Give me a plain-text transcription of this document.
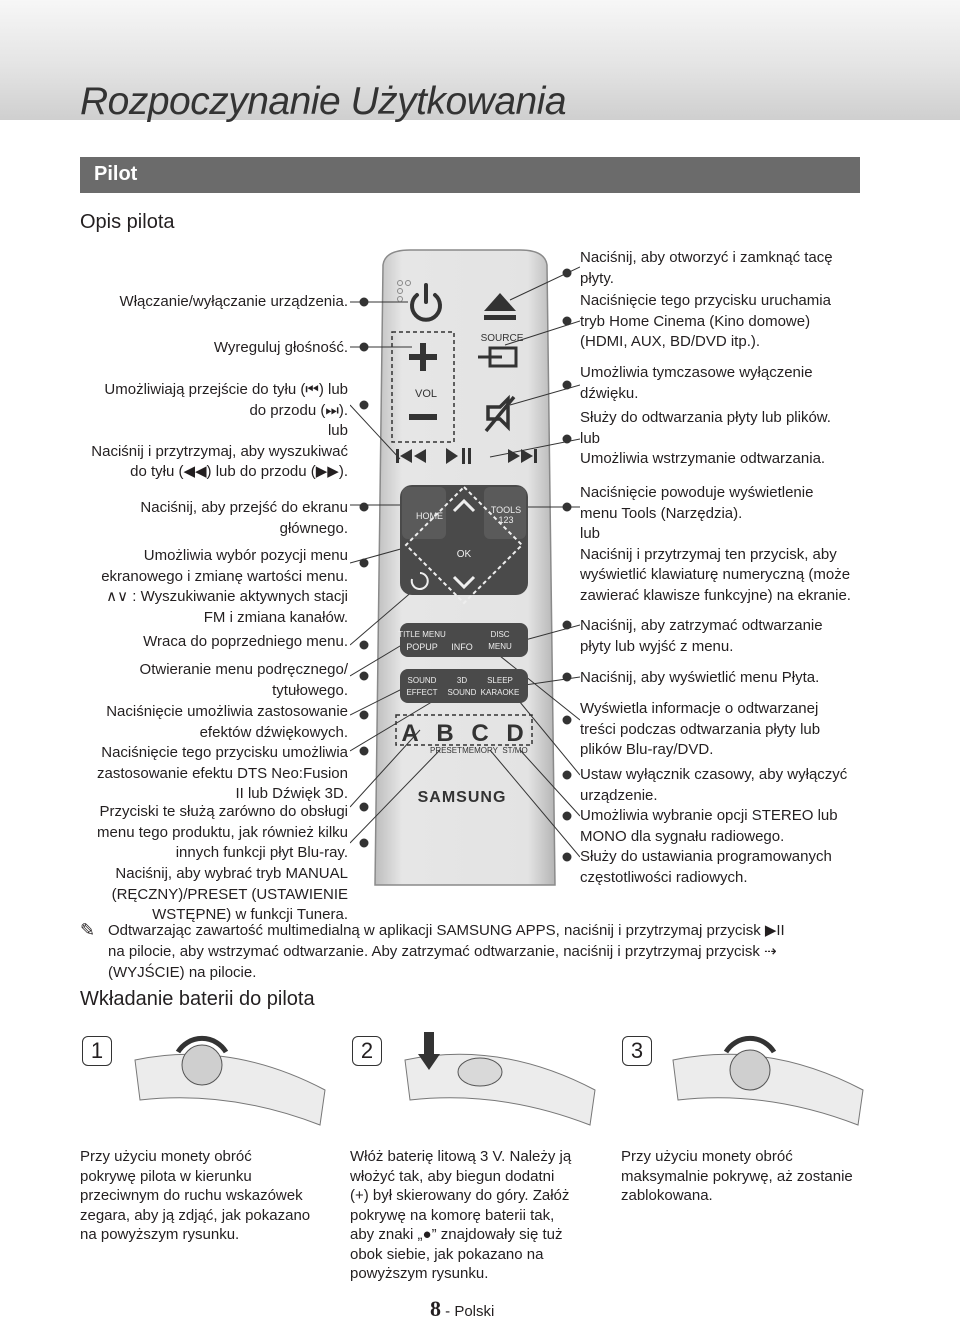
Rozpoczynanie Użytkowania
Pilot
Opis pilota
Włączanie/wyłączanie urządzenia.
Wyreguluj głośność.
Umożliwiają przejście do tyłu (⏮) lub
do przodu (⏭).
lub
Naciśnij i przytrzymaj, aby wyszukiwać
do tyłu (◀◀) lub do przodu (▶▶).
Naciśnij, aby przejść do ekranu
głównego.
Umożliwia wybór pozycji menu
ekranowego i zmianę wartości menu.
∧∨ : Wyszukiwanie aktywnych stacji
FM i zmiana kanałów.
Wraca do poprzedniego menu.
Otwieranie menu podręcznego/
tytułowego.
Naciśnięcie umożliwia zastosowanie
efektów dźwiękowych.
Naciśnięcie tego przycisku umożliwia
zastosowanie efektu DTS Neo:Fusion
II lub Dźwięk 3D.
Przyciski te służą zarówno do obsługi
menu tego produktu, jak również kilku
innych funkcji płyt Blu-ray.
Naciśnij, aby wybrać tryb MANUAL
(RĘCZNY)/PRESET (USTAWIENIE
WSTĘPNE) w funkcji Tunera.
Naciśnij, aby otworzyć i zamknąć tacę
płyty.
Naciśnięcie tego przycisku uruchamia
tryb Home Cinema (Kino domowe)
(HDMI, AUX, BD/DVD itp.).
Umożliwia tymczasowe wyłączenie
dźwięku.
Służy do odtwarzania płyty lub plików.
lub
Umożliwia wstrzymanie odtwarzania.
Naciśnięcie powoduje wyświetlenie
menu Tools (Narzędzia).
lub
Naciśnij i przytrzymaj ten przycisk, aby
wyświetlić klawiaturę numeryczną (może
zawierać klawisze funkcyjne) na ekranie.
Naciśnij, aby zatrzymać odtwarzanie
płyty lub wyjść z menu.
Naciśnij, aby wyświetlić menu Płyta.
Wyświetla informacje o odtwarzanej
treści podczas odtwarzania płyty lub
plików Blu-ray/DVD.
Ustaw wyłącznik czasowy, aby wyłączyć
urządzenie.
Umożliwia wybranie opcji STEREO lub
MONO dla sygnału radiowego.
Służy do ustawiania programowanych
częstotliwości radiowych.
SOURCE
VOL
HOME
TOOLS
123
OK
TITLE MENU
POPUP INFO
DISC
MENU
SOUND
EFFECT
3D
SOUND
SLEEP
KARAOKE
A B C D
PRESET MEMORY ST/MO
SAMSUNG
✎ Odtwarzając zawartość multimedialną w aplikacji SAMSUNG APPS, naciśnij i przytrzymaj przycisk ▶II
na pilocie, aby wstrzymać odtwarzanie. Aby zatrzymać odtwarzanie, naciśnij i przytrzymaj przycisk ⇢
(WYJŚCIE) na pilocie.
Wkładanie baterii do pilota
1	2	3
Przy użyciu monety obróć
pokrywę pilota w kierunku
przeciwnym do ruchu wskazówek
zegara, aby ją zdjąć, jak pokazano
na powyższym rysunku.
Włóż baterię litową 3 V. Należy ją
włożyć tak, aby biegun dodatni
(+) był skierowany do góry. Załóż
pokrywę na komorę baterii tak,
aby znaki „●” znajdowały się tuż
obok siebie, jak pokazano na
powyższym rysunku.
Przy użyciu monety obróć
maksymalnie pokrywę, aż zostanie
zablokowana.
8 - Polski
